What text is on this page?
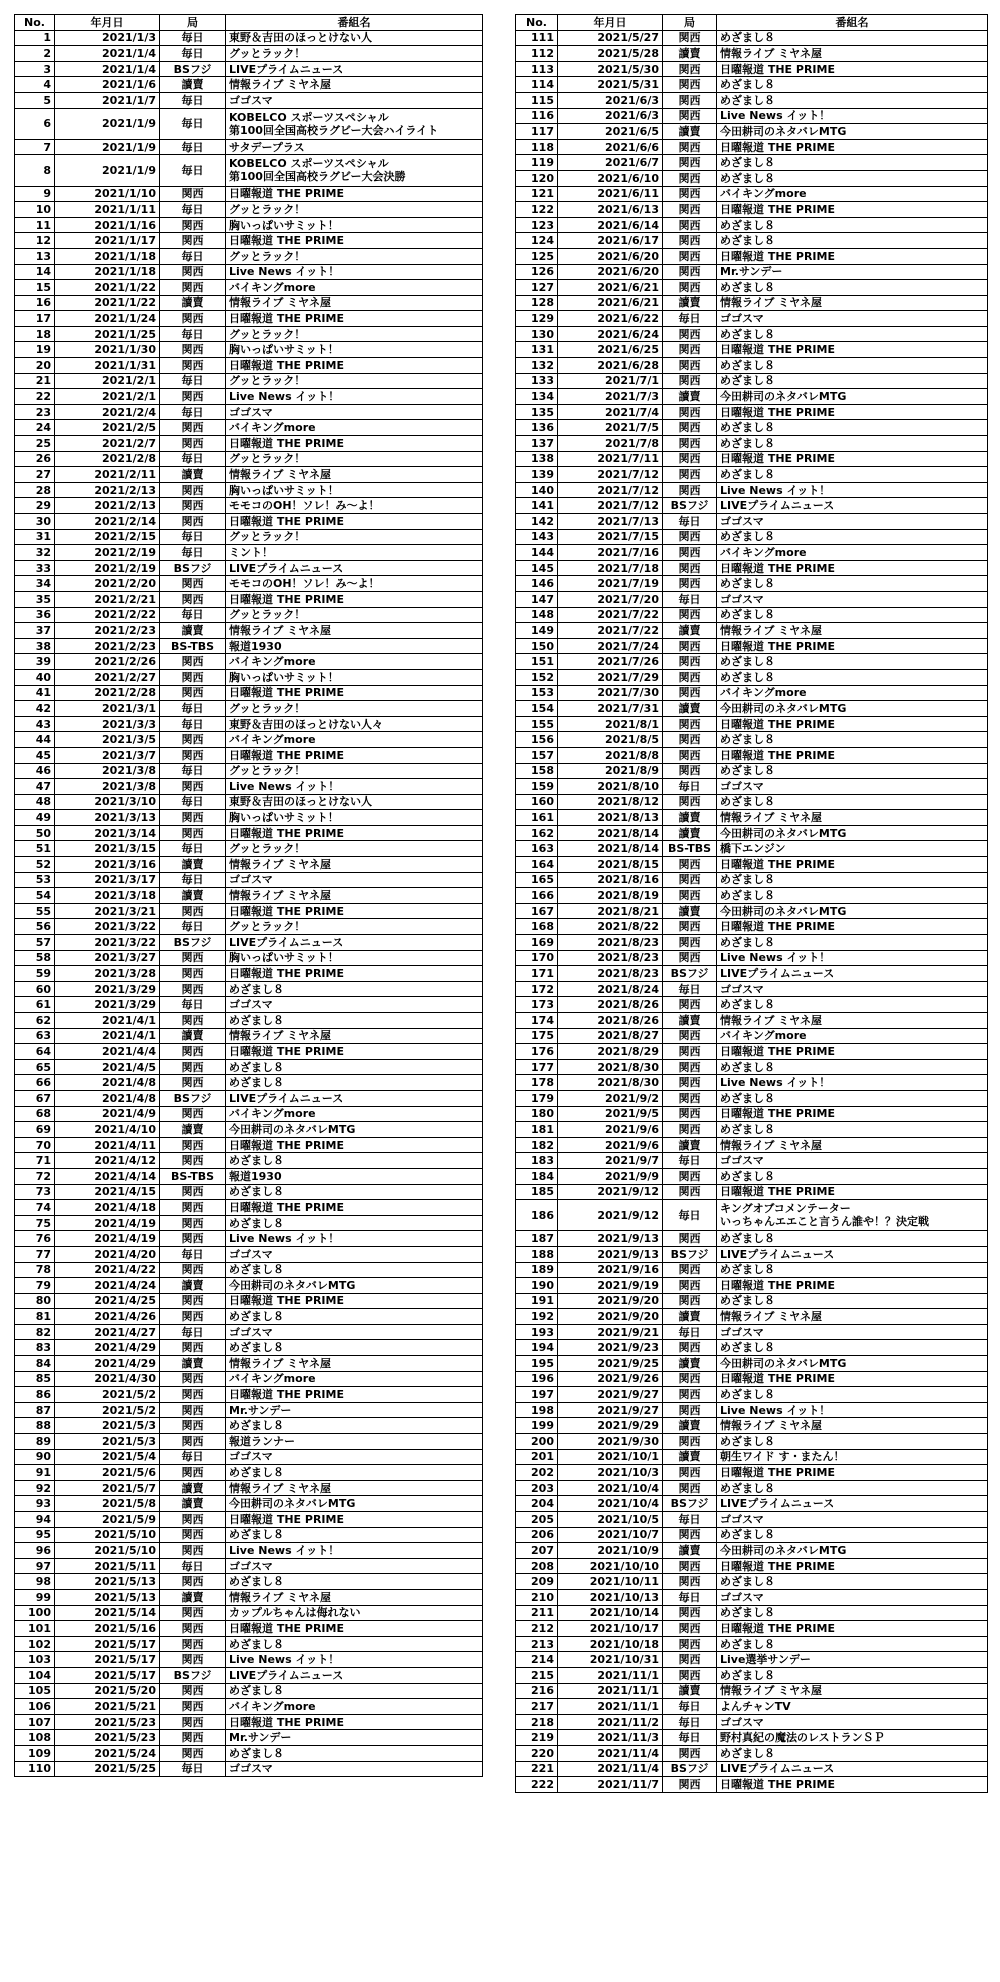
No.	年月日	局	番組名
1	2021/1/3	毎日	東野＆吉田のほっとけない人
2	2021/1/4	毎日	グッとラック！
3	2021/1/4	BSフジ	LIVEプライムニュース
4	2021/1/6	讀賣	情報ライブ ミヤネ屋
5	2021/1/7	毎日	ゴゴスマ
6	2021/1/9	毎日	KOBELCO スポーツスペシャル
第100回全国高校ラグビー大会ハイライト
7	2021/1/9	毎日	サタデープラス
8	2021/1/9	毎日	KOBELCO スポーツスペシャル
第100回全国高校ラグビー大会決勝
9	2021/1/10	関西	日曜報道 THE PRIME
10	2021/1/11	毎日	グッとラック！
11	2021/1/16	関西	胸いっぱいサミット！
12	2021/1/17	関西	日曜報道 THE PRIME
13	2021/1/18	毎日	グッとラック！
14	2021/1/18	関西	Live News イット！
15	2021/1/22	関西	バイキングmore
16	2021/1/22	讀賣	情報ライブ ミヤネ屋
17	2021/1/24	関西	日曜報道 THE PRIME
18	2021/1/25	毎日	グッとラック！
19	2021/1/30	関西	胸いっぱいサミット！
20	2021/1/31	関西	日曜報道 THE PRIME
21	2021/2/1	毎日	グッとラック！
22	2021/2/1	関西	Live News イット！
23	2021/2/4	毎日	ゴゴスマ
24	2021/2/5	関西	バイキングmore
25	2021/2/7	関西	日曜報道 THE PRIME
26	2021/2/8	毎日	グッとラック！
27	2021/2/11	讀賣	情報ライブ ミヤネ屋
28	2021/2/13	関西	胸いっぱいサミット！
29	2021/2/13	関西	モモコのOH！ソレ！み～よ！
30	2021/2/14	関西	日曜報道 THE PRIME
31	2021/2/15	毎日	グッとラック！
32	2021/2/19	毎日	ミント！
33	2021/2/19	BSフジ	LIVEプライムニュース
34	2021/2/20	関西	モモコのOH！ソレ！み～よ！
35	2021/2/21	関西	日曜報道 THE PRIME
36	2021/2/22	毎日	グッとラック！
37	2021/2/23	讀賣	情報ライブ ミヤネ屋
38	2021/2/23	BS-TBS	報道1930
39	2021/2/26	関西	バイキングmore
40	2021/2/27	関西	胸いっぱいサミット！
41	2021/2/28	関西	日曜報道 THE PRIME
42	2021/3/1	毎日	グッとラック！
43	2021/3/3	毎日	東野＆吉田のほっとけない人々
44	2021/3/5	関西	バイキングmore
45	2021/3/7	関西	日曜報道 THE PRIME
46	2021/3/8	毎日	グッとラック！
47	2021/3/8	関西	Live News イット！
48	2021/3/10	毎日	東野＆吉田のほっとけない人
49	2021/3/13	関西	胸いっぱいサミット！
50	2021/3/14	関西	日曜報道 THE PRIME
51	2021/3/15	毎日	グッとラック！
52	2021/3/16	讀賣	情報ライブ ミヤネ屋
53	2021/3/17	毎日	ゴゴスマ
54	2021/3/18	讀賣	情報ライブ ミヤネ屋
55	2021/3/21	関西	日曜報道 THE PRIME
56	2021/3/22	毎日	グッとラック！
57	2021/3/22	BSフジ	LIVEプライムニュース
58	2021/3/27	関西	胸いっぱいサミット！
59	2021/3/28	関西	日曜報道 THE PRIME
60	2021/3/29	関西	めざまし８
61	2021/3/29	毎日	ゴゴスマ
62	2021/4/1	関西	めざまし８
63	2021/4/1	讀賣	情報ライブ ミヤネ屋
64	2021/4/4	関西	日曜報道 THE PRIME
65	2021/4/5	関西	めざまし８
66	2021/4/8	関西	めざまし８
67	2021/4/8	BSフジ	LIVEプライムニュース
68	2021/4/9	関西	バイキングmore
69	2021/4/10	讀賣	今田耕司のネタバレMTG
70	2021/4/11	関西	日曜報道 THE PRIME
71	2021/4/12	関西	めざまし８
72	2021/4/14	BS-TBS	報道1930
73	2021/4/15	関西	めざまし８
74	2021/4/18	関西	日曜報道 THE PRIME
75	2021/4/19	関西	めざまし８
76	2021/4/19	関西	Live News イット！
77	2021/4/20	毎日	ゴゴスマ
78	2021/4/22	関西	めざまし８
79	2021/4/24	讀賣	今田耕司のネタバレMTG
80	2021/4/25	関西	日曜報道 THE PRIME
81	2021/4/26	関西	めざまし８
82	2021/4/27	毎日	ゴゴスマ
83	2021/4/29	関西	めざまし８
84	2021/4/29	讀賣	情報ライブ ミヤネ屋
85	2021/4/30	関西	バイキングmore
86	2021/5/2	関西	日曜報道 THE PRIME
87	2021/5/2	関西	Mr.サンデー
88	2021/5/3	関西	めざまし８
89	2021/5/3	関西	報道ランナー
90	2021/5/4	毎日	ゴゴスマ
91	2021/5/6	関西	めざまし８
92	2021/5/7	讀賣	情報ライブ ミヤネ屋
93	2021/5/8	讀賣	今田耕司のネタバレMTG
94	2021/5/9	関西	日曜報道 THE PRIME
95	2021/5/10	関西	めざまし８
96	2021/5/10	関西	Live News イット！
97	2021/5/11	毎日	ゴゴスマ
98	2021/5/13	関西	めざまし８
99	2021/5/13	讀賣	情報ライブ ミヤネ屋
100	2021/5/14	関西	カップルちゃんは侮れない
101	2021/5/16	関西	日曜報道 THE PRIME
102	2021/5/17	関西	めざまし８
103	2021/5/17	関西	Live News イット！
104	2021/5/17	BSフジ	LIVEプライムニュース
105	2021/5/20	関西	めざまし８
106	2021/5/21	関西	バイキングmore
107	2021/5/23	関西	日曜報道 THE PRIME
108	2021/5/23	関西	Mr.サンデー
109	2021/5/24	関西	めざまし８
110	2021/5/25	毎日	ゴゴスマ
No.	年月日	局	番組名
111	2021/5/27	関西	めざまし８
112	2021/5/28	讀賣	情報ライブ ミヤネ屋
113	2021/5/30	関西	日曜報道 THE PRIME
114	2021/5/31	関西	めざまし８
115	2021/6/3	関西	めざまし８
116	2021/6/3	関西	Live News イット！
117	2021/6/5	讀賣	今田耕司のネタバレMTG
118	2021/6/6	関西	日曜報道 THE PRIME
119	2021/6/7	関西	めざまし８
120	2021/6/10	関西	めざまし８
121	2021/6/11	関西	バイキングmore
122	2021/6/13	関西	日曜報道 THE PRIME
123	2021/6/14	関西	めざまし８
124	2021/6/17	関西	めざまし８
125	2021/6/20	関西	日曜報道 THE PRIME
126	2021/6/20	関西	Mr.サンデー
127	2021/6/21	関西	めざまし８
128	2021/6/21	讀賣	情報ライブ ミヤネ屋
129	2021/6/22	毎日	ゴゴスマ
130	2021/6/24	関西	めざまし８
131	2021/6/25	関西	日曜報道 THE PRIME
132	2021/6/28	関西	めざまし８
133	2021/7/1	関西	めざまし８
134	2021/7/3	讀賣	今田耕司のネタバレMTG
135	2021/7/4	関西	日曜報道 THE PRIME
136	2021/7/5	関西	めざまし８
137	2021/7/8	関西	めざまし８
138	2021/7/11	関西	日曜報道 THE PRIME
139	2021/7/12	関西	めざまし８
140	2021/7/12	関西	Live News イット！
141	2021/7/12	BSフジ	LIVEプライムニュース
142	2021/7/13	毎日	ゴゴスマ
143	2021/7/15	関西	めざまし８
144	2021/7/16	関西	バイキングmore
145	2021/7/18	関西	日曜報道 THE PRIME
146	2021/7/19	関西	めざまし８
147	2021/7/20	毎日	ゴゴスマ
148	2021/7/22	関西	めざまし８
149	2021/7/22	讀賣	情報ライブ ミヤネ屋
150	2021/7/24	関西	日曜報道 THE PRIME
151	2021/7/26	関西	めざまし８
152	2021/7/29	関西	めざまし８
153	2021/7/30	関西	バイキングmore
154	2021/7/31	讀賣	今田耕司のネタバレMTG
155	2021/8/1	関西	日曜報道 THE PRIME
156	2021/8/5	関西	めざまし８
157	2021/8/8	関西	日曜報道 THE PRIME
158	2021/8/9	関西	めざまし８
159	2021/8/10	毎日	ゴゴスマ
160	2021/8/12	関西	めざまし８
161	2021/8/13	讀賣	情報ライブ ミヤネ屋
162	2021/8/14	讀賣	今田耕司のネタバレMTG
163	2021/8/14	BS-TBS	橋下エンジン
164	2021/8/15	関西	日曜報道 THE PRIME
165	2021/8/16	関西	めざまし８
166	2021/8/19	関西	めざまし８
167	2021/8/21	讀賣	今田耕司のネタバレMTG
168	2021/8/22	関西	日曜報道 THE PRIME
169	2021/8/23	関西	めざまし８
170	2021/8/23	関西	Live News イット！
171	2021/8/23	BSフジ	LIVEプライムニュース
172	2021/8/24	毎日	ゴゴスマ
173	2021/8/26	関西	めざまし８
174	2021/8/26	讀賣	情報ライブ ミヤネ屋
175	2021/8/27	関西	バイキングmore
176	2021/8/29	関西	日曜報道 THE PRIME
177	2021/8/30	関西	めざまし８
178	2021/8/30	関西	Live News イット！
179	2021/9/2	関西	めざまし８
180	2021/9/5	関西	日曜報道 THE PRIME
181	2021/9/6	関西	めざまし８
182	2021/9/6	讀賣	情報ライブ ミヤネ屋
183	2021/9/7	毎日	ゴゴスマ
184	2021/9/9	関西	めざまし８
185	2021/9/12	関西	日曜報道 THE PRIME
186	2021/9/12	毎日	キングオブコメンテーター
いっちゃんエエこと言うん誰や！？決定戦
187	2021/9/13	関西	めざまし８
188	2021/9/13	BSフジ	LIVEプライムニュース
189	2021/9/16	関西	めざまし８
190	2021/9/19	関西	日曜報道 THE PRIME
191	2021/9/20	関西	めざまし８
192	2021/9/20	讀賣	情報ライブ ミヤネ屋
193	2021/9/21	毎日	ゴゴスマ
194	2021/9/23	関西	めざまし８
195	2021/9/25	讀賣	今田耕司のネタバレMTG
196	2021/9/26	関西	日曜報道 THE PRIME
197	2021/9/27	関西	めざまし８
198	2021/9/27	関西	Live News イット！
199	2021/9/29	讀賣	情報ライブ ミヤネ屋
200	2021/9/30	関西	めざまし８
201	2021/10/1	讀賣	朝生ワイド す・またん！
202	2021/10/3	関西	日曜報道 THE PRIME
203	2021/10/4	関西	めざまし８
204	2021/10/4	BSフジ	LIVEプライムニュース
205	2021/10/5	毎日	ゴゴスマ
206	2021/10/7	関西	めざまし８
207	2021/10/9	讀賣	今田耕司のネタバレMTG
208	2021/10/10	関西	日曜報道 THE PRIME
209	2021/10/11	関西	めざまし８
210	2021/10/13	毎日	ゴゴスマ
211	2021/10/14	関西	めざまし８
212	2021/10/17	関西	日曜報道 THE PRIME
213	2021/10/18	関西	めざまし８
214	2021/10/31	関西	Live選挙サンデー
215	2021/11/1	関西	めざまし８
216	2021/11/1	讀賣	情報ライブ ミヤネ屋
217	2021/11/1	毎日	よんチャンTV
218	2021/11/2	毎日	ゴゴスマ
219	2021/11/3	毎日	野村真紀の魔法のレストランＳＰ
220	2021/11/4	関西	めざまし８
221	2021/11/4	BSフジ	LIVEプライムニュース
222	2021/11/7	関西	日曜報道 THE PRIME
